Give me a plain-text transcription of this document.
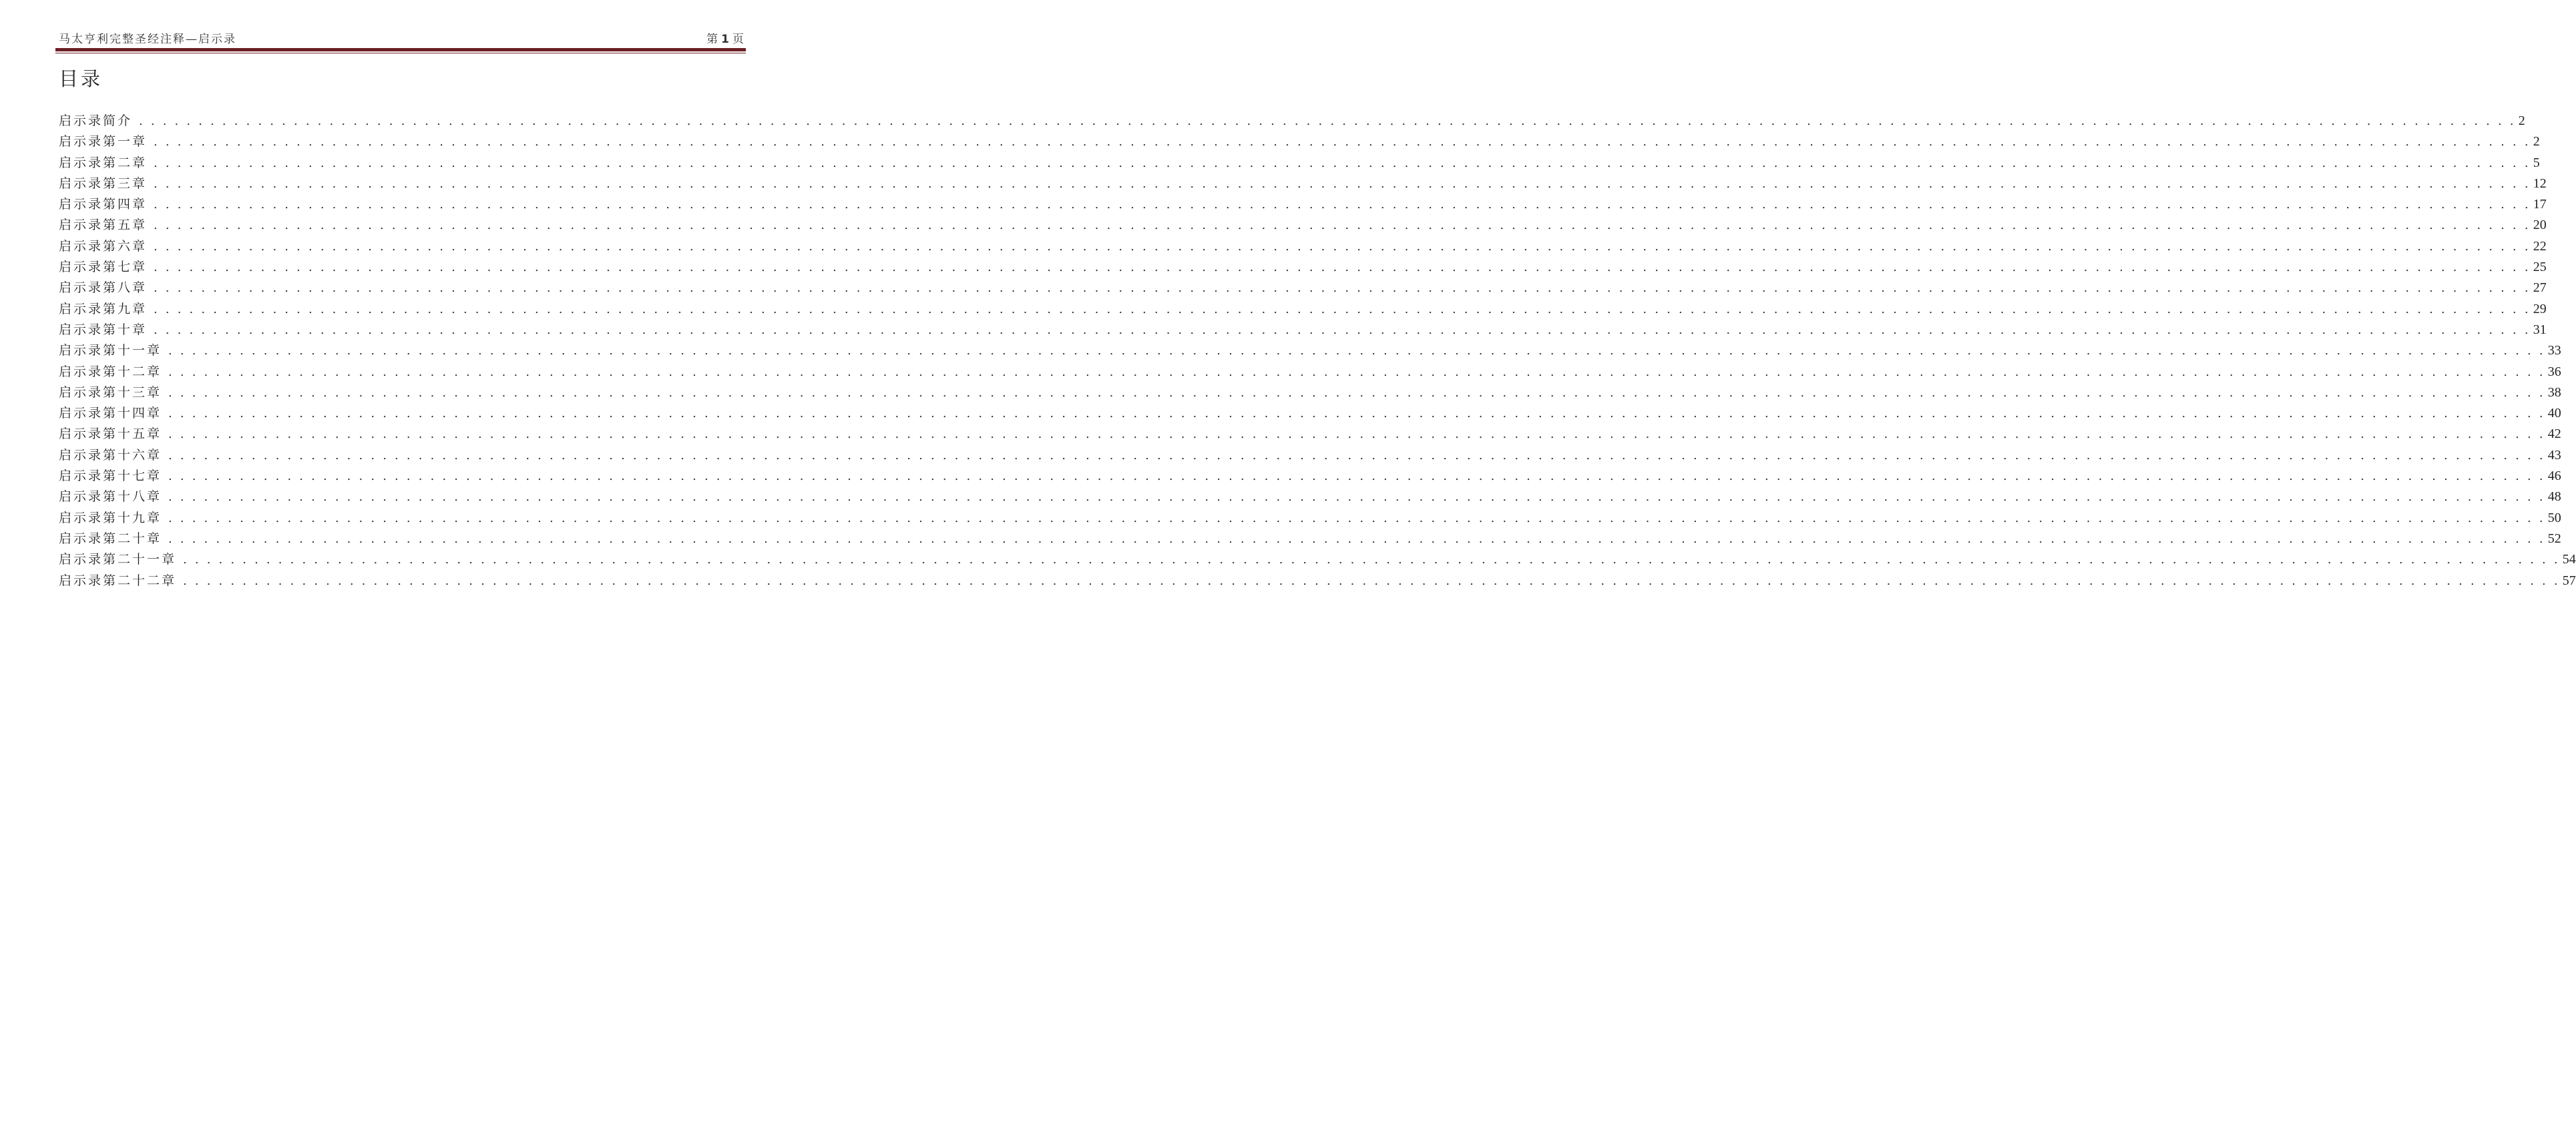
马太亨利完整圣经注释—启示录	第 1 页
目录
启示录简介 . . . . . . . . . . . . . . . . . . . . . . . . . . . . . . . . . . . . . . . . . . . . . . . . . . . . . . . . . . . . . . . . . . . . . . . . . . . . . . . . . . . . . . . . . . . . . . . . . . . . . . . . . . . . . . . . . . . . . . . . . . . . . . . . . . . . . . . . . . . . . . . . . . . . . . . . . . . . . . . . . . . . . . . . . . . . . . . . . . . . . . . . . . . . . . . . . . . . . . . . 2
启示录第一章 . . . . . . . . . . . . . . . . . . . . . . . . . . . . . . . . . . . . . . . . . . . . . . . . . . . . . . . . . . . . . . . . . . . . . . . . . . . . . . . . . . . . . . . . . . . . . . . . . . . . . . . . . . . . . . . . . . . . . . . . . . . . . . . . . . . . . . . . . . . . . . . . . . . . . . . . . . . . . . . . . . . . . . . . . . . . . . . . . . . . . . . . . . . . . . . . . . . . . . . . 2
启示录第二章 . . . . . . . . . . . . . . . . . . . . . . . . . . . . . . . . . . . . . . . . . . . . . . . . . . . . . . . . . . . . . . . . . . . . . . . . . . . . . . . . . . . . . . . . . . . . . . . . . . . . . . . . . . . . . . . . . . . . . . . . . . . . . . . . . . . . . . . . . . . . . . . . . . . . . . . . . . . . . . . . . . . . . . . . . . . . . . . . . . . . . . . . . . . . . . . . . . . . . . . . 5
启示录第三章 . . . . . . . . . . . . . . . . . . . . . . . . . . . . . . . . . . . . . . . . . . . . . . . . . . . . . . . . . . . . . . . . . . . . . . . . . . . . . . . . . . . . . . . . . . . . . . . . . . . . . . . . . . . . . . . . . . . . . . . . . . . . . . . . . . . . . . . . . . . . . . . . . . . . . . . . . . . . . . . . . . . . . . . . . . . . . . . . . . . . . . . . . . . . . . . . . . . . . . . . 12
启示录第四章 . . . . . . . . . . . . . . . . . . . . . . . . . . . . . . . . . . . . . . . . . . . . . . . . . . . . . . . . . . . . . . . . . . . . . . . . . . . . . . . . . . . . . . . . . . . . . . . . . . . . . . . . . . . . . . . . . . . . . . . . . . . . . . . . . . . . . . . . . . . . . . . . . . . . . . . . . . . . . . . . . . . . . . . . . . . . . . . . . . . . . . . . . . . . . . . . . . . . . . . . 17
启示录第五章 . . . . . . . . . . . . . . . . . . . . . . . . . . . . . . . . . . . . . . . . . . . . . . . . . . . . . . . . . . . . . . . . . . . . . . . . . . . . . . . . . . . . . . . . . . . . . . . . . . . . . . . . . . . . . . . . . . . . . . . . . . . . . . . . . . . . . . . . . . . . . . . . . . . . . . . . . . . . . . . . . . . . . . . . . . . . . . . . . . . . . . . . . . . . . . . . . . . . . . . . 20
启示录第六章 . . . . . . . . . . . . . . . . . . . . . . . . . . . . . . . . . . . . . . . . . . . . . . . . . . . . . . . . . . . . . . . . . . . . . . . . . . . . . . . . . . . . . . . . . . . . . . . . . . . . . . . . . . . . . . . . . . . . . . . . . . . . . . . . . . . . . . . . . . . . . . . . . . . . . . . . . . . . . . . . . . . . . . . . . . . . . . . . . . . . . . . . . . . . . . . . . . . . . . . . 22
启示录第七章 . . . . . . . . . . . . . . . . . . . . . . . . . . . . . . . . . . . . . . . . . . . . . . . . . . . . . . . . . . . . . . . . . . . . . . . . . . . . . . . . . . . . . . . . . . . . . . . . . . . . . . . . . . . . . . . . . . . . . . . . . . . . . . . . . . . . . . . . . . . . . . . . . . . . . . . . . . . . . . . . . . . . . . . . . . . . . . . . . . . . . . . . . . . . . . . . . . . . . . . . 25
启示录第八章 . . . . . . . . . . . . . . . . . . . . . . . . . . . . . . . . . . . . . . . . . . . . . . . . . . . . . . . . . . . . . . . . . . . . . . . . . . . . . . . . . . . . . . . . . . . . . . . . . . . . . . . . . . . . . . . . . . . . . . . . . . . . . . . . . . . . . . . . . . . . . . . . . . . . . . . . . . . . . . . . . . . . . . . . . . . . . . . . . . . . . . . . . . . . . . . . . . . . . . . . 27
启示录第九章 . . . . . . . . . . . . . . . . . . . . . . . . . . . . . . . . . . . . . . . . . . . . . . . . . . . . . . . . . . . . . . . . . . . . . . . . . . . . . . . . . . . . . . . . . . . . . . . . . . . . . . . . . . . . . . . . . . . . . . . . . . . . . . . . . . . . . . . . . . . . . . . . . . . . . . . . . . . . . . . . . . . . . . . . . . . . . . . . . . . . . . . . . . . . . . . . . . . . . . . . 29
启示录第十章 . . . . . . . . . . . . . . . . . . . . . . . . . . . . . . . . . . . . . . . . . . . . . . . . . . . . . . . . . . . . . . . . . . . . . . . . . . . . . . . . . . . . . . . . . . . . . . . . . . . . . . . . . . . . . . . . . . . . . . . . . . . . . . . . . . . . . . . . . . . . . . . . . . . . . . . . . . . . . . . . . . . . . . . . . . . . . . . . . . . . . . . . . . . . . . . . . . . . . . . . 31
启示录第十一章 . . . . . . . . . . . . . . . . . . . . . . . . . . . . . . . . . . . . . . . . . . . . . . . . . . . . . . . . . . . . . . . . . . . . . . . . . . . . . . . . . . . . . . . . . . . . . . . . . . . . . . . . . . . . . . . . . . . . . . . . . . . . . . . . . . . . . . . . . . . . . . . . . . . . . . . . . . . . . . . . . . . . . . . . . . . . . . . . . . . . . . . . . . . . . . . . . . . . . . . . 33
启示录第十二章 . . . . . . . . . . . . . . . . . . . . . . . . . . . . . . . . . . . . . . . . . . . . . . . . . . . . . . . . . . . . . . . . . . . . . . . . . . . . . . . . . . . . . . . . . . . . . . . . . . . . . . . . . . . . . . . . . . . . . . . . . . . . . . . . . . . . . . . . . . . . . . . . . . . . . . . . . . . . . . . . . . . . . . . . . . . . . . . . . . . . . . . . . . . . . . . . . . . . . . . . 36
启示录第十三章 . . . . . . . . . . . . . . . . . . . . . . . . . . . . . . . . . . . . . . . . . . . . . . . . . . . . . . . . . . . . . . . . . . . . . . . . . . . . . . . . . . . . . . . . . . . . . . . . . . . . . . . . . . . . . . . . . . . . . . . . . . . . . . . . . . . . . . . . . . . . . . . . . . . . . . . . . . . . . . . . . . . . . . . . . . . . . . . . . . . . . . . . . . . . . . . . . . . . . . . . 38
启示录第十四章 . . . . . . . . . . . . . . . . . . . . . . . . . . . . . . . . . . . . . . . . . . . . . . . . . . . . . . . . . . . . . . . . . . . . . . . . . . . . . . . . . . . . . . . . . . . . . . . . . . . . . . . . . . . . . . . . . . . . . . . . . . . . . . . . . . . . . . . . . . . . . . . . . . . . . . . . . . . . . . . . . . . . . . . . . . . . . . . . . . . . . . . . . . . . . . . . . . . . . . . . 40
启示录第十五章 . . . . . . . . . . . . . . . . . . . . . . . . . . . . . . . . . . . . . . . . . . . . . . . . . . . . . . . . . . . . . . . . . . . . . . . . . . . . . . . . . . . . . . . . . . . . . . . . . . . . . . . . . . . . . . . . . . . . . . . . . . . . . . . . . . . . . . . . . . . . . . . . . . . . . . . . . . . . . . . . . . . . . . . . . . . . . . . . . . . . . . . . . . . . . . . . . . . . . . . . 42
启示录第十六章 . . . . . . . . . . . . . . . . . . . . . . . . . . . . . . . . . . . . . . . . . . . . . . . . . . . . . . . . . . . . . . . . . . . . . . . . . . . . . . . . . . . . . . . . . . . . . . . . . . . . . . . . . . . . . . . . . . . . . . . . . . . . . . . . . . . . . . . . . . . . . . . . . . . . . . . . . . . . . . . . . . . . . . . . . . . . . . . . . . . . . . . . . . . . . . . . . . . . . . . . 43
启示录第十七章 . . . . . . . . . . . . . . . . . . . . . . . . . . . . . . . . . . . . . . . . . . . . . . . . . . . . . . . . . . . . . . . . . . . . . . . . . . . . . . . . . . . . . . . . . . . . . . . . . . . . . . . . . . . . . . . . . . . . . . . . . . . . . . . . . . . . . . . . . . . . . . . . . . . . . . . . . . . . . . . . . . . . . . . . . . . . . . . . . . . . . . . . . . . . . . . . . . . . . . . . 46
启示录第十八章 . . . . . . . . . . . . . . . . . . . . . . . . . . . . . . . . . . . . . . . . . . . . . . . . . . . . . . . . . . . . . . . . . . . . . . . . . . . . . . . . . . . . . . . . . . . . . . . . . . . . . . . . . . . . . . . . . . . . . . . . . . . . . . . . . . . . . . . . . . . . . . . . . . . . . . . . . . . . . . . . . . . . . . . . . . . . . . . . . . . . . . . . . . . . . . . . . . . . . . . . 48
启示录第十九章 . . . . . . . . . . . . . . . . . . . . . . . . . . . . . . . . . . . . . . . . . . . . . . . . . . . . . . . . . . . . . . . . . . . . . . . . . . . . . . . . . . . . . . . . . . . . . . . . . . . . . . . . . . . . . . . . . . . . . . . . . . . . . . . . . . . . . . . . . . . . . . . . . . . . . . . . . . . . . . . . . . . . . . . . . . . . . . . . . . . . . . . . . . . . . . . . . . . . . . . . 50
启示录第二十章 . . . . . . . . . . . . . . . . . . . . . . . . . . . . . . . . . . . . . . . . . . . . . . . . . . . . . . . . . . . . . . . . . . . . . . . . . . . . . . . . . . . . . . . . . . . . . . . . . . . . . . . . . . . . . . . . . . . . . . . . . . . . . . . . . . . . . . . . . . . . . . . . . . . . . . . . . . . . . . . . . . . . . . . . . . . . . . . . . . . . . . . . . . . . . . . . . . . . . . . . 52
启示录第二十一章 . . . . . . . . . . . . . . . . . . . . . . . . . . . . . . . . . . . . . . . . . . . . . . . . . . . . . . . . . . . . . . . . . . . . . . . . . . . . . . . . . . . . . . . . . . . . . . . . . . . . . . . . . . . . . . . . . . . . . . . . . . . . . . . . . . . . . . . . . . . . . . . . . . . . . . . . . . . . . . . . . . . . . . . . . . . . . . . . . . . . . . . . . . . . . . . . . . . . . . . . 54
启示录第二十二章 . . . . . . . . . . . . . . . . . . . . . . . . . . . . . . . . . . . . . . . . . . . . . . . . . . . . . . . . . . . . . . . . . . . . . . . . . . . . . . . . . . . . . . . . . . . . . . . . . . . . . . . . . . . . . . . . . . . . . . . . . . . . . . . . . . . . . . . . . . . . . . . . . . . . . . . . . . . . . . . . . . . . . . . . . . . . . . . . . . . . . . . . . . . . . . . . . . . . . . . . 57
